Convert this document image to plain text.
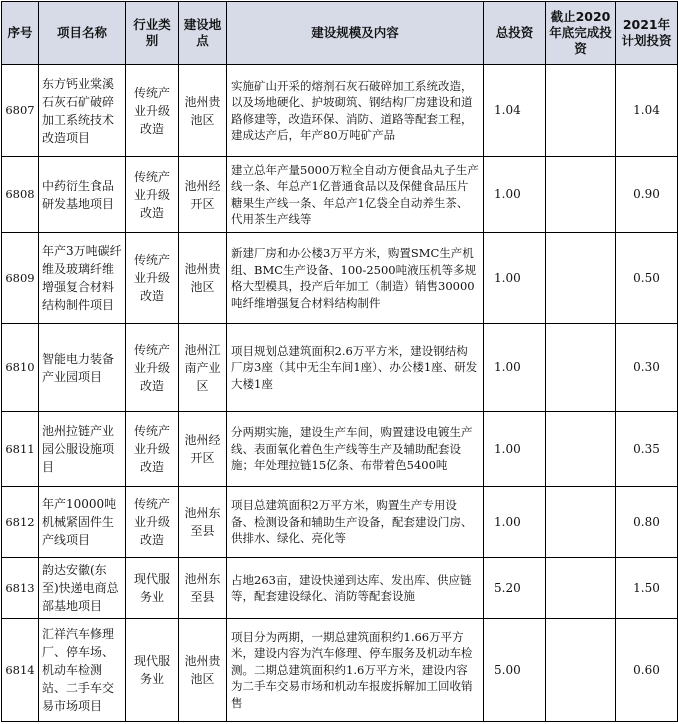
序号	项目名称	行业类别	建设地点	建设规模及内容	总投资	截止2020年底完成投资	2021年计划投资
6807	东方钙业棠溪石灰石矿破碎加工系统技术改造项目	传统产业升级改造	池州贵池区	实施矿山开采的熔剂石灰石破碎加工系统改造，以及场地硬化、护坡砌筑、钢结构厂房建设和道路修建等，改造环保、消防、道路等配套工程，建成达产后，年产80万吨矿产品	1.04		1.04
6808	中药衍生食品研发基地项目	传统产业升级改造	池州经开区	建立总年产量5000万粒全自动方便食品丸子生产线一条、年总产1亿普通食品以及保健食品压片糖果生产线一条、年总产1亿袋全自动养生茶、代用茶生产线等	1.00		0.90
6809	年产3万吨碳纤维及玻璃纤维增强复合材料结构制件项目	传统产业升级改造	池州贵池区	新建厂房和办公楼3万平方米，购置SMC生产机组、BMC生产设备、100-2500吨液压机等多规格大型模具，投产后年加工（制造）销售30000吨纤维增强复合材料结构制件	1.00		0.50
6810	智能电力装备产业园项目	传统产业升级改造	池州江南产业区	项目规划总建筑面积2.6万平方米，建设钢结构厂房3座（其中无尘车间1座）、办公楼1座、研发大楼1座	1.00		0.30
6811	池州拉链产业园公服设施项目	传统产业升级改造	池州经开区	分两期实施，建设生产车间，购置建设电镀生产线、表面氧化着色生产线等生产及辅助配套设施；年处理拉链15亿条、布带着色5400吨	1.00		0.35
6812	年产10000吨机械紧固件生产线项目	传统产业升级改造	池州东至县	项目总建筑面积2万平方米，购置生产专用设备、检测设备和辅助生产设备，配套建设门房、供排水、绿化、亮化等	1.00		0.80
6813	韵达安徽(东至)快递电商总部基地项目	现代服务业	池州东至县	占地263亩，建设快递到达库、发出库、供应链等，配套建设绿化、消防等配套设施	5.20		1.50
6814	汇祥汽车修理厂、停车场、机动车检测站、二手车交易市场项目	现代服务业	池州贵池区	项目分为两期，一期总建筑面积约1.66万平方米，建设内容为汽车修理、停车服务及机动车检测。二期总建筑面积约1.6万平方米，建设内容为二手车交易市场和机动车报废拆解加工回收销售	5.00		0.60
